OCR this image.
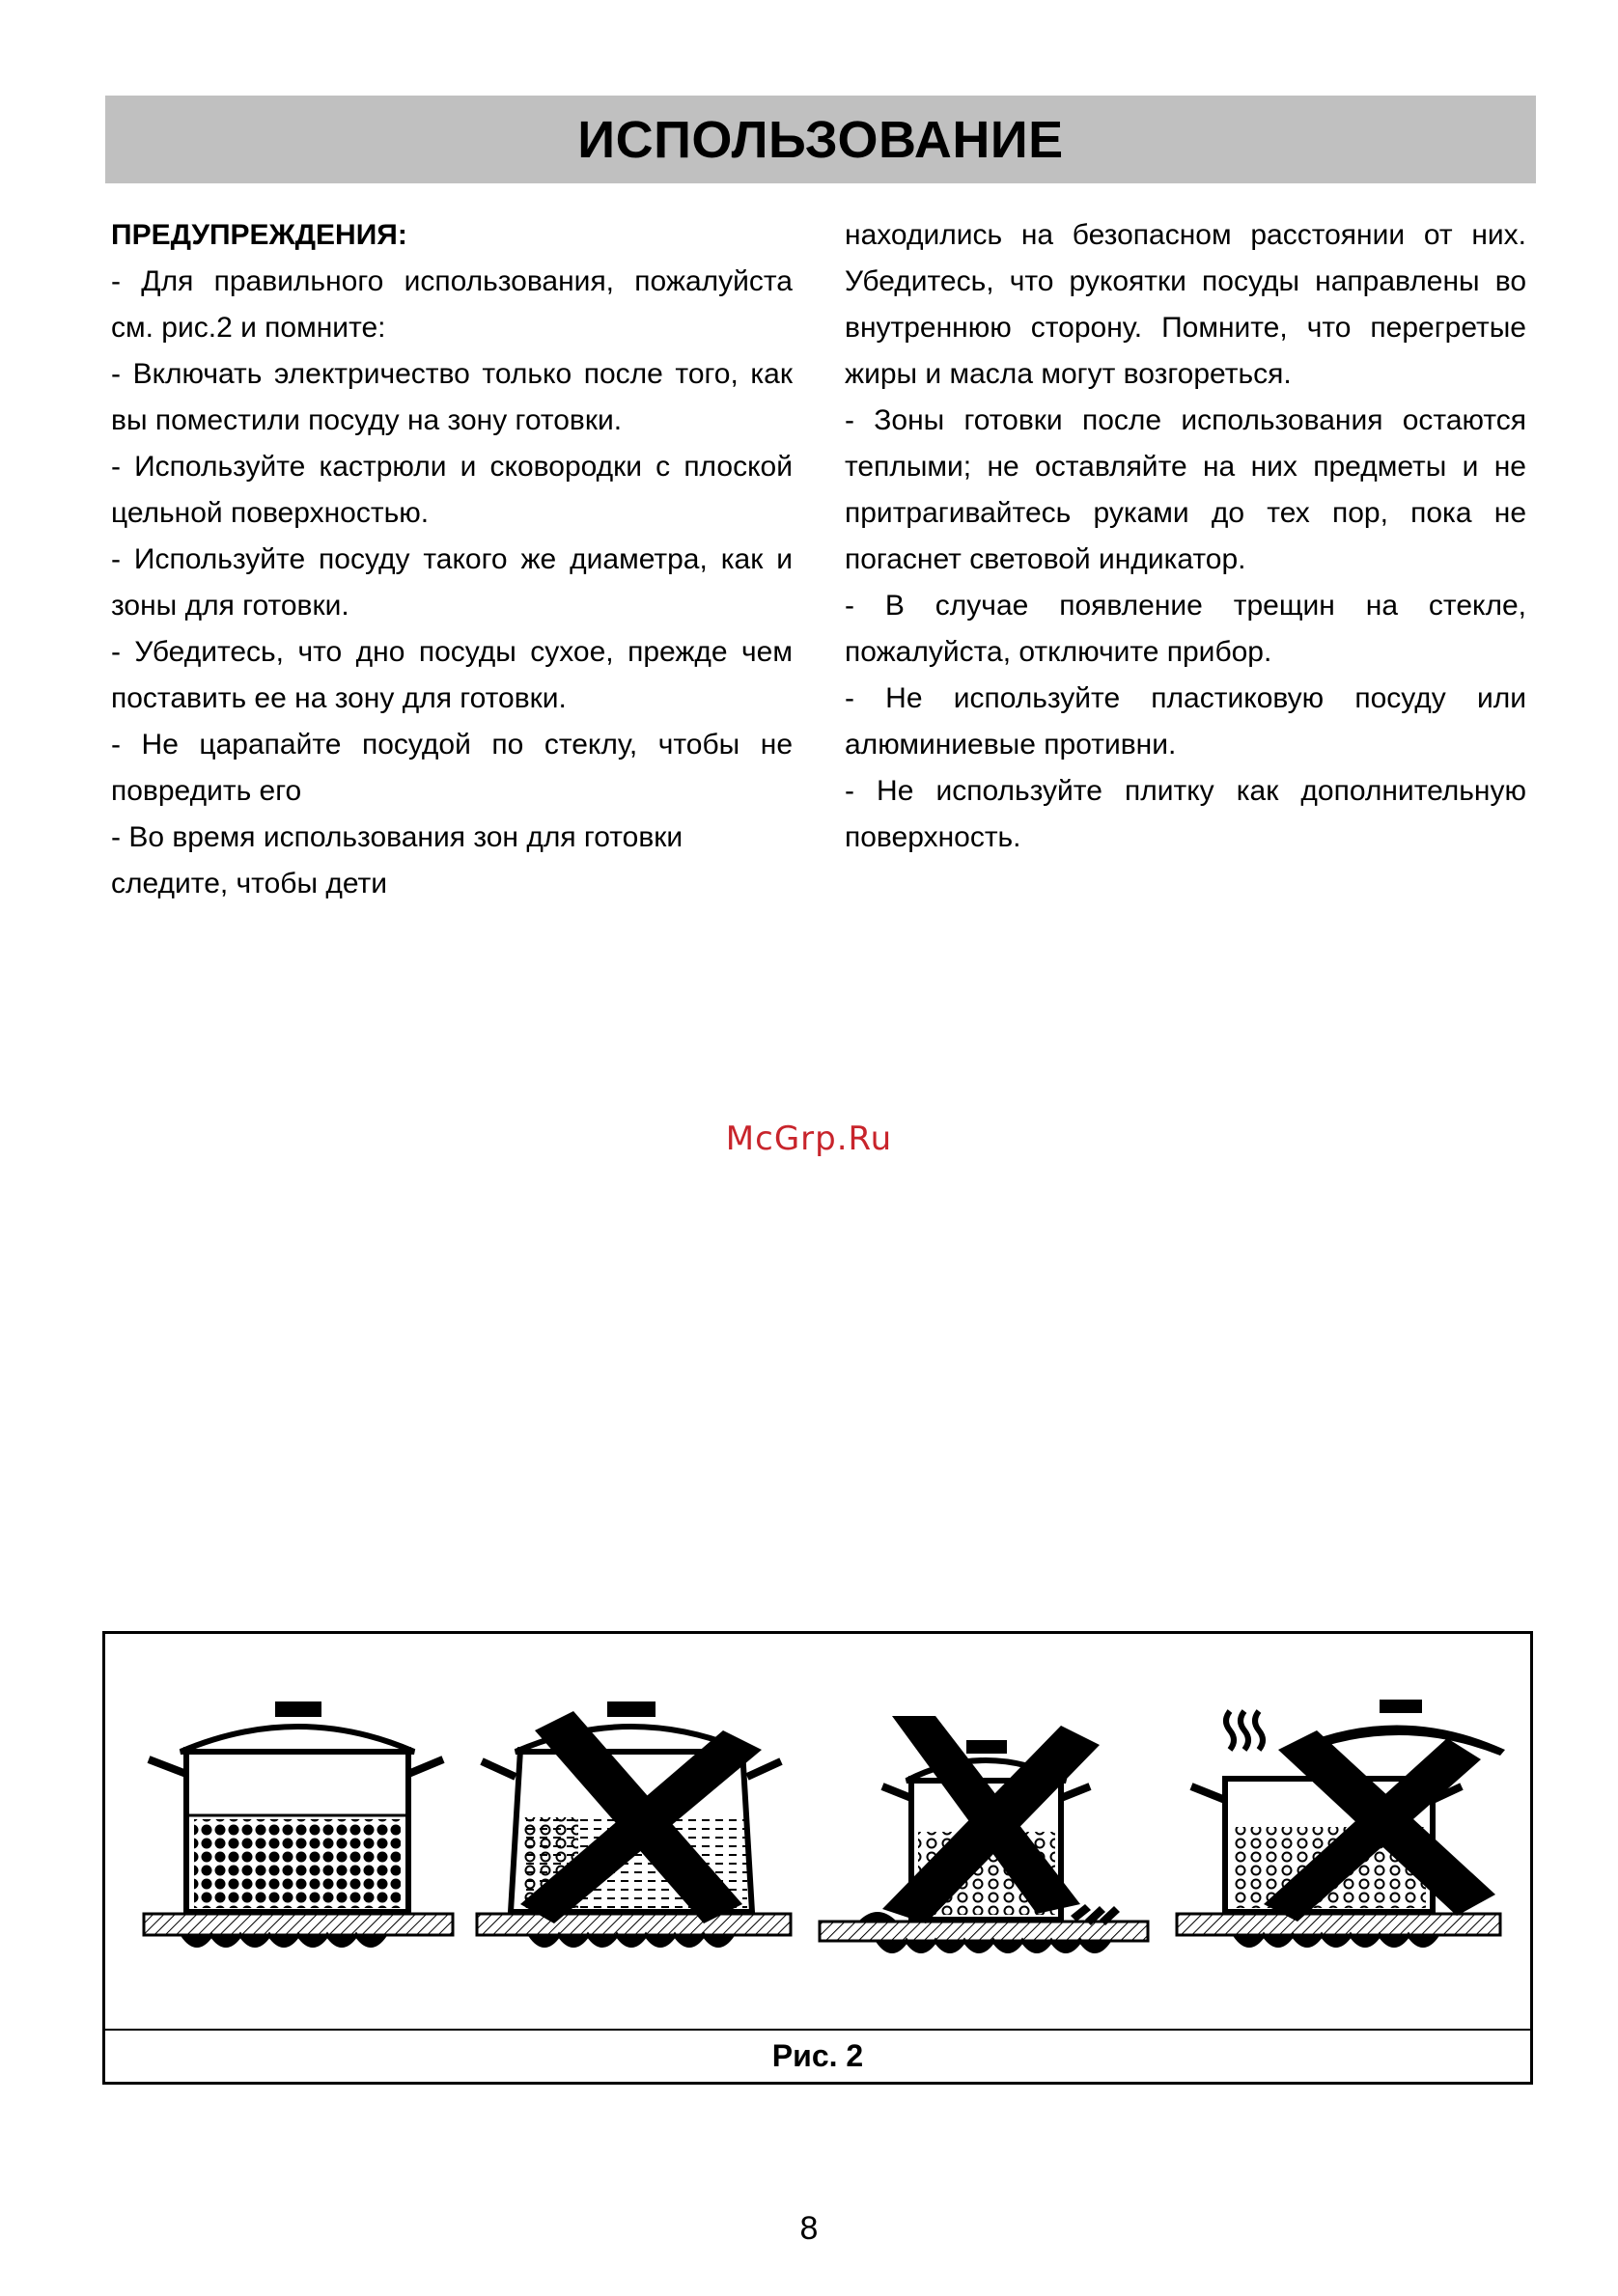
ИСПОЛЬЗОВАНИЕ

ПРЕДУПРЕЖДЕНИЯ:

- Для правильного использования, пожалуйста см. рис.2 и помните:

- Включать электричество только после того, как вы поместили посуду на зону готовки.

- Используйте кастрюли и сковородки с плоской цельной поверхностью.

- Используйте посуду такого же диаметра, как и зоны для готовки.

- Убедитесь, что дно посуды сухое, прежде чем поставить ее на зону для готовки.

- Не царапайте посудой по стеклу, чтобы не повредить его

- Во время использования зон для готовки следите, чтобы дети

находились на безопасном расстоянии от них. Убедитесь, что рукоятки посуды направлены во внутреннюю сторону. Помните, что перегретые жиры и масла могут возгореться.

- Зоны готовки после использования остаются теплыми; не оставляйте на них предметы и не притрагивайтесь руками до тех пор, пока не погаснет световой индикатор.

- В случае появление трещин на стекле, пожалуйста, отключите прибор.

- Не используйте пластиковую посуду или алюминиевые противни.

- Не используйте плитку как дополнительную поверхность.

McGrp.Ru
Рис. 2
8
